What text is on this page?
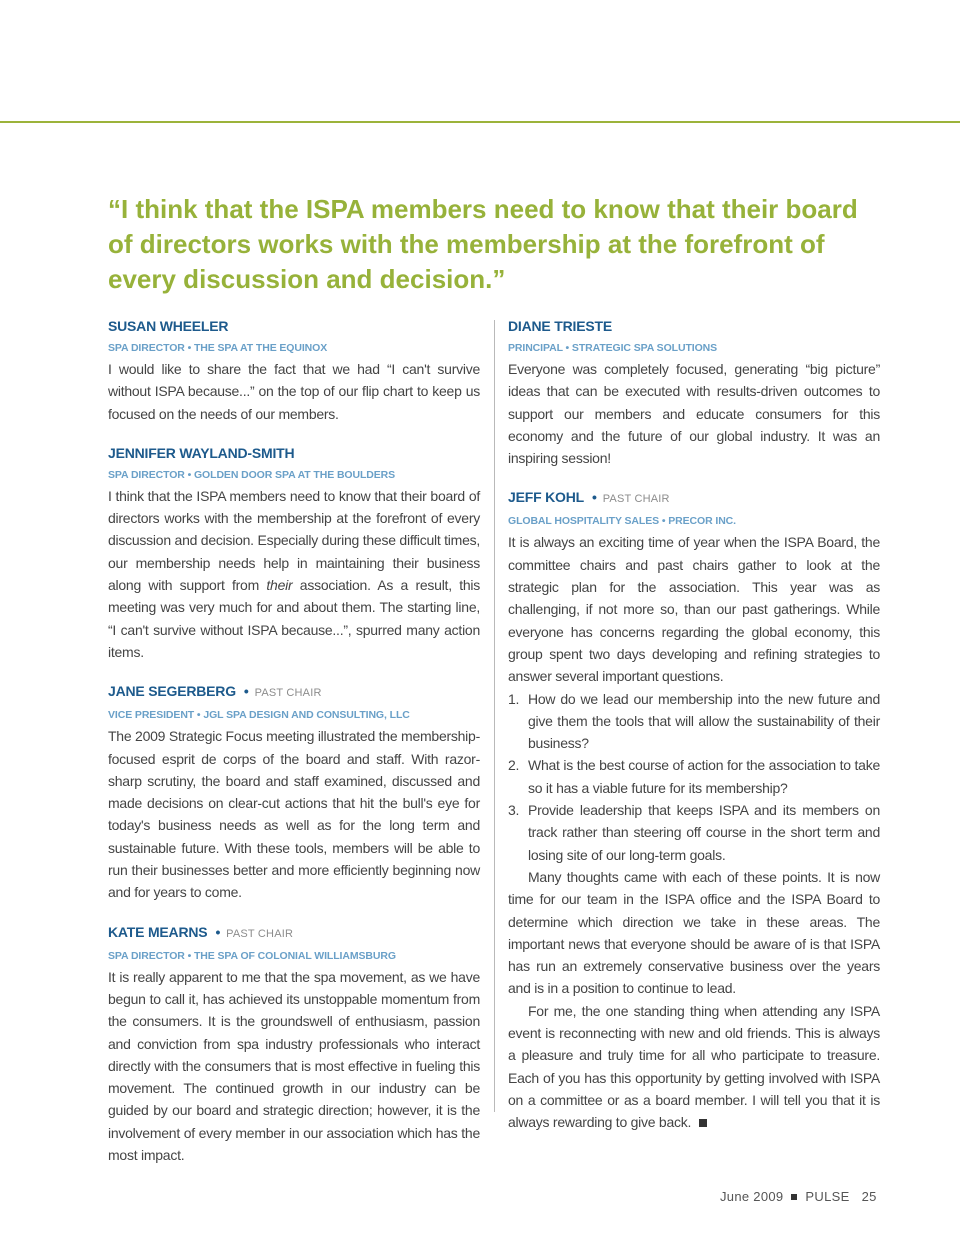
“I think that the ISPA members need to know that their board of directors works with the membership at the forefront of every discussion and decision.”

SUSAN WHEELER

SPA DIRECTOR • THE SPA AT THE EQUINOX

I would like to share the fact that we had “I can't survive without ISPA because...” on the top of our flip chart to keep us focused on the needs of our members.

JENNIFER WAYLAND-SMITH

SPA DIRECTOR • GOLDEN DOOR SPA AT THE BOULDERS

I think that the ISPA members need to know that their board of directors works with the membership at the forefront of every discussion and decision. Especially during these difficult times, our membership needs help in maintaining their business along with support from their association. As a result, this meeting was very much for and about them. The starting line, “I can't survive without ISPA because...”, spurred many action items.

JANE SEGERBERG • PAST CHAIR

VICE PRESIDENT • JGL SPA DESIGN AND CONSULTING, LLC

The 2009 Strategic Focus meeting illustrated the membership-focused esprit de corps of the board and staff. With razor-sharp scrutiny, the board and staff examined, discussed and made decisions on clear-cut actions that hit the bull's eye for today's business needs as well as for the long term and sustainable future. With these tools, members will be able to run their businesses better and more efficiently beginning now and for years to come.

KATE MEARNS • PAST CHAIR

SPA DIRECTOR • THE SPA OF COLONIAL WILLIAMSBURG

It is really apparent to me that the spa movement, as we have begun to call it, has achieved its unstoppable momentum from the consumers. It is the groundswell of enthusiasm, passion and conviction from spa industry professionals who interact directly with the consumers that is most effective in fueling this movement. The continued growth in our industry can be guided by our board and strategic direction; however, it is the involvement of every member in our association which has the most impact.

DIANE TRIESTE

PRINCIPAL • STRATEGIC SPA SOLUTIONS

Everyone was completely focused, generating “big picture” ideas that can be executed with results-driven outcomes to support our members and educate consumers for this economy and the future of our global industry. It was an inspiring session!

JEFF KOHL • PAST CHAIR

GLOBAL HOSPITALITY SALES • PRECOR INC.

It is always an exciting time of year when the ISPA Board, the committee chairs and past chairs gather to look at the strategic plan for the association. This year was as challenging, if not more so, than our past gatherings. While everyone has concerns regarding the global economy, this group spent two days developing and refining strategies to answer several important questions.

1. How do we lead our membership into the new future and give them the tools that will allow the sustainability of their business?
2. What is the best course of action for the association to take so it has a viable future for its membership?
3. Provide leadership that keeps ISPA and its members on track rather than steering off course in the short term and losing site of our long-term goals.

Many thoughts came with each of these points. It is now time for our team in the ISPA office and the ISPA Board to determine which direction we take in these areas. The important news that everyone should be aware of is that ISPA has run an extremely conservative business over the years and is in a position to continue to lead.

For me, the one standing thing when attending any ISPA event is reconnecting with new and old friends. This is always a pleasure and truly time for all who participate to treasure. Each of you has this opportunity by getting involved with ISPA on a committee or as a board member. I will tell you that it is always rewarding to give back.

June 2009 PULSE 25
